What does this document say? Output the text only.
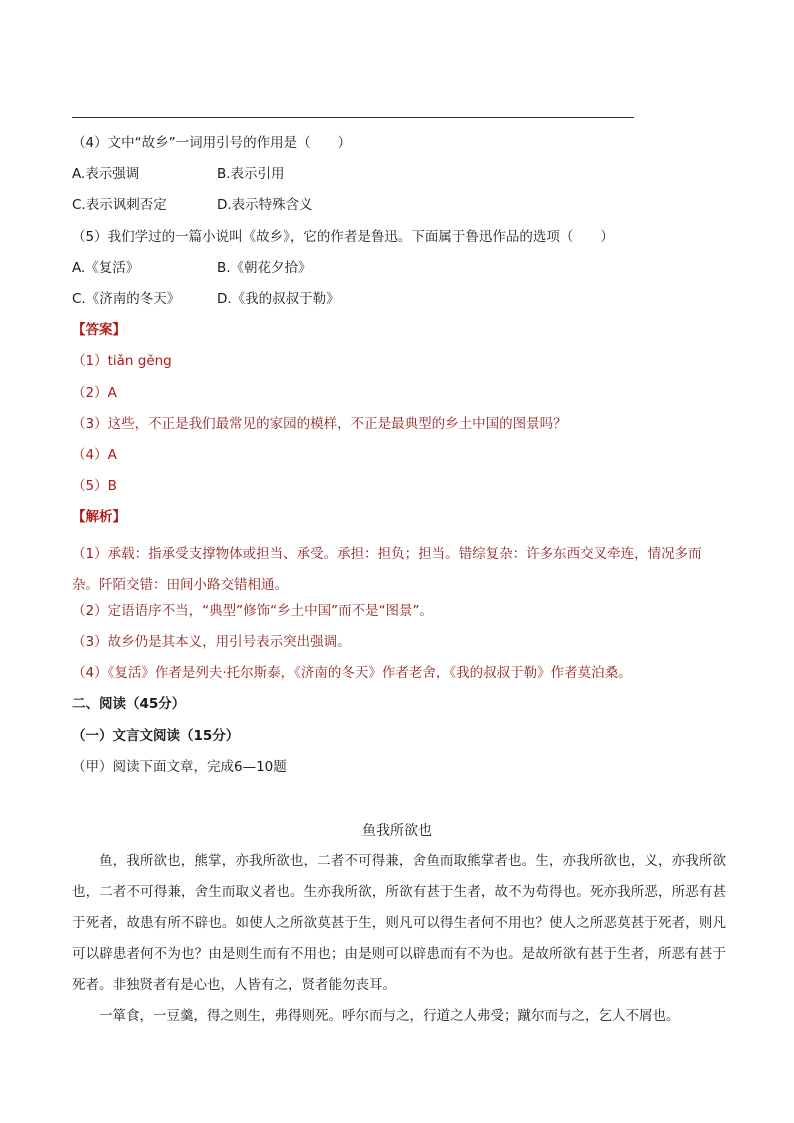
（4）文中“故乡”一词用引号的作用是（　　）
A.表示强调	B.表示引用
C.表示讽刺否定	D.表示特殊含义
（5）我们学过的一篇小说叫《故乡》，它的作者是鲁迅。下面属于鲁迅作品的选项（　　）
A.《复活》	B.《朝花夕拾》
C.《济南的冬天》	D.《我的叔叔于勒》
【答案】
（1）tiǎn gěng
（2）A
（3）这些，不正是我们最常见的家园的模样，不正是最典型的乡土中国的图景吗？
（4）A
（5）B
【解析】
（1）承载：指承受支撑物体或担当、承受。承担：担负；担当。错综复杂：许多东西交叉牵连，情况多而杂。阡陌交错：田间小路交错相通。
（2）定语语序不当，“典型”修饰“乡土中国”而不是“图景”。
（3）故乡仍是其本义，用引号表示突出强调。
（4）《复活》作者是列夫·托尔斯泰，《济南的冬天》作者老舍，《我的叔叔于勒》作者莫泊桑。
二、阅读（45分）
（一）文言文阅读（15分）
（甲）阅读下面文章，完成6—10题
鱼我所欲也

鱼，我所欲也，熊掌，亦我所欲也，二者不可得兼，舍鱼而取熊掌者也。生，亦我所欲也，义，亦我所欲也，二者不可得兼，舍生而取义者也。生亦我所欲，所欲有甚于生者，故不为苟得也。死亦我所恶，所恶有甚于死者，故患有所不辟也。如使人之所欲莫甚于生，则凡可以得生者何不用也？使人之所恶莫甚于死者，则凡可以辟患者何不为也？由是则生而有不用也；由是则可以辟患而有不为也。是故所欲有甚于生者，所恶有甚于死者。非独贤者有是心也，人皆有之，贤者能勿丧耳。

一箪食，一豆羹，得之则生，弗得则死。呼尔而与之，行道之人弗受；蹴尔而与之，乞人不屑也。
